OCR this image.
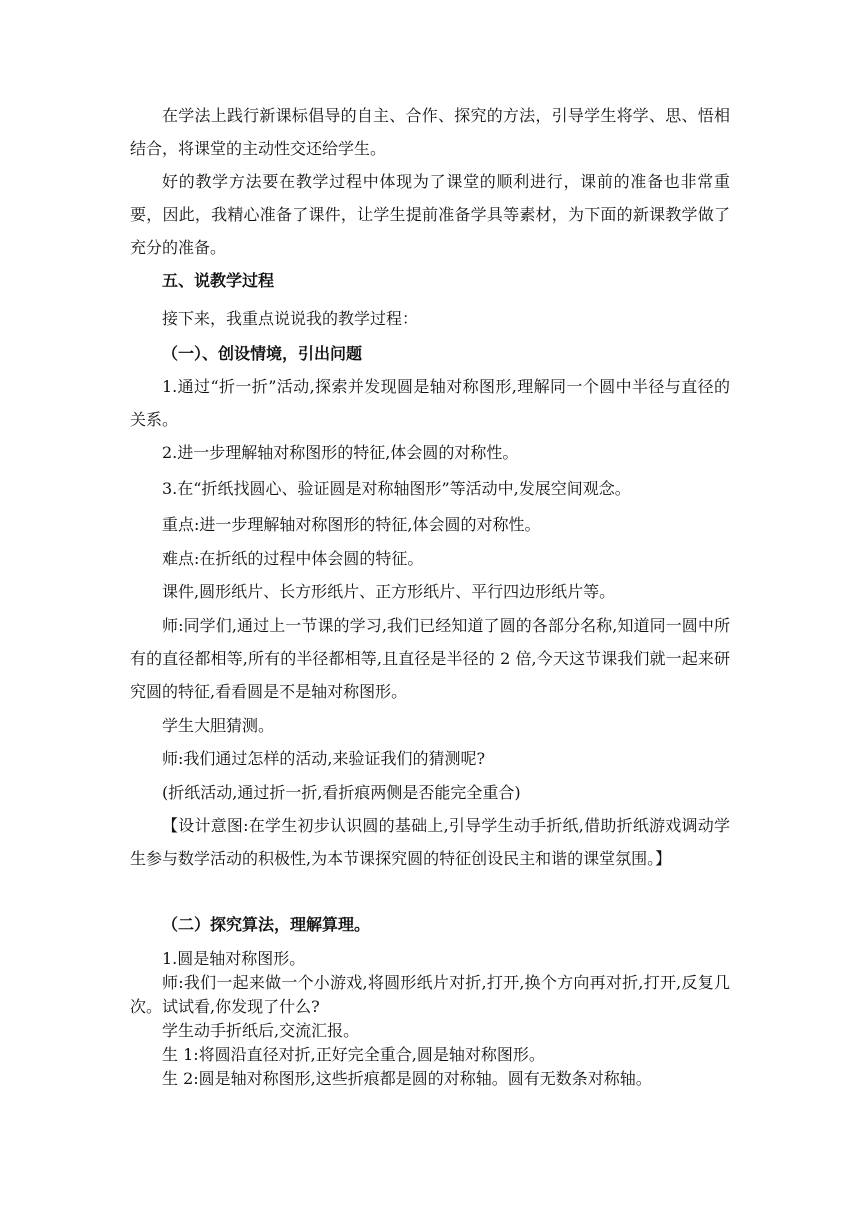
在学法上践行新课标倡导的自主、合作、探究的方法，引导学生将学、思、悟相结合，将课堂的主动性交还给学生。

好的教学方法要在教学过程中体现为了课堂的顺利进行，课前的准备也非常重要，因此，我精心准备了课件，让学生提前准备学具等素材，为下面的新课教学做了充分的准备。

五、说教学过程

接下来，我重点说说我的教学过程：

（一）、创设情境，引出问题

1.通过“折一折”活动,探索并发现圆是轴对称图形,理解同一个圆中半径与直径的关系。

2.进一步理解轴对称图形的特征,体会圆的对称性。

3.在“折纸找圆心、验证圆是对称轴图形”等活动中,发展空间观念。

重点:进一步理解轴对称图形的特征,体会圆的对称性。

难点:在折纸的过程中体会圆的特征。

课件,圆形纸片、长方形纸片、正方形纸片、平行四边形纸片等。

师:同学们,通过上一节课的学习,我们已经知道了圆的各部分名称,知道同一圆中所有的直径都相等,所有的半径都相等,且直径是半径的 2 倍,今天这节课我们就一起来研究圆的特征,看看圆是不是轴对称图形。

学生大胆猜测。

师:我们通过怎样的活动,来验证我们的猜测呢?

(折纸活动,通过折一折,看折痕两侧是否能完全重合)

【设计意图:在学生初步认识圆的基础上,引导学生动手折纸,借助折纸游戏调动学生参与数学活动的积极性,为本节课探究圆的特征创设民主和谐的课堂氛围。】

（二）探究算法，理解算理。

1.圆是轴对称图形。

师:我们一起来做一个小游戏,将圆形纸片对折,打开,换个方向再对折,打开,反复几次。试试看,你发现了什么?

学生动手折纸后,交流汇报。

生 1:将圆沿直径对折,正好完全重合,圆是轴对称图形。

生 2:圆是轴对称图形,这些折痕都是圆的对称轴。圆有无数条对称轴。
